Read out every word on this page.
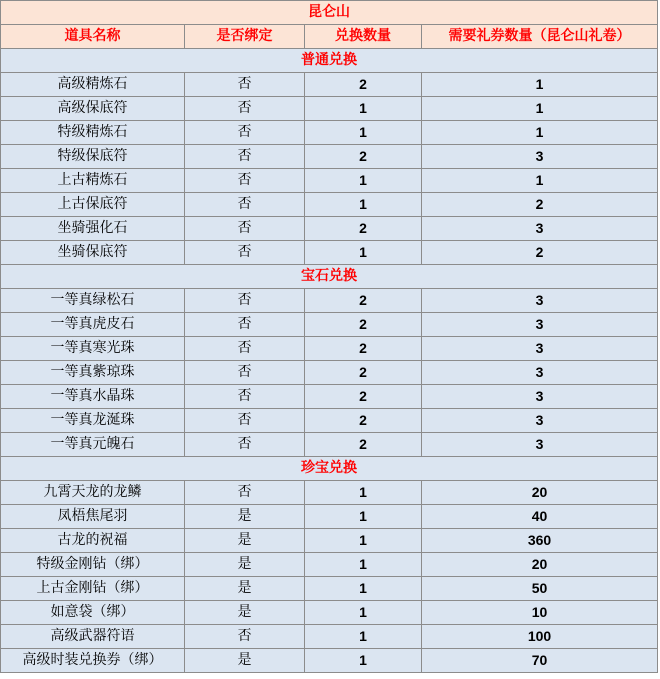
昆仑山			
道具名称	是否绑定	兑换数量	需要礼券数量（昆仑山礼卷）
普通兑换			
高级精炼石	否	2	1
高级保底符	否	1	1
特级精炼石	否	1	1
特级保底符	否	2	3
上古精炼石	否	1	1
上古保底符	否	1	2
坐骑强化石	否	2	3
坐骑保底符	否	1	2
宝石兑换			
一等真绿松石	否	2	3
一等真虎皮石	否	2	3
一等真寒光珠	否	2	3
一等真紫琼珠	否	2	3
一等真水晶珠	否	2	3
一等真龙涎珠	否	2	3
一等真元魄石	否	2	3
珍宝兑换			
九霄天龙的龙鳞	否	1	20
凤梧焦尾羽	是	1	40
古龙的祝福	是	1	360
特级金刚钻（绑）	是	1	20
上古金刚钻（绑）	是	1	50
如意袋（绑）	是	1	10
高级武器符语	否	1	100
高级时装兑换券（绑）	是	1	70
